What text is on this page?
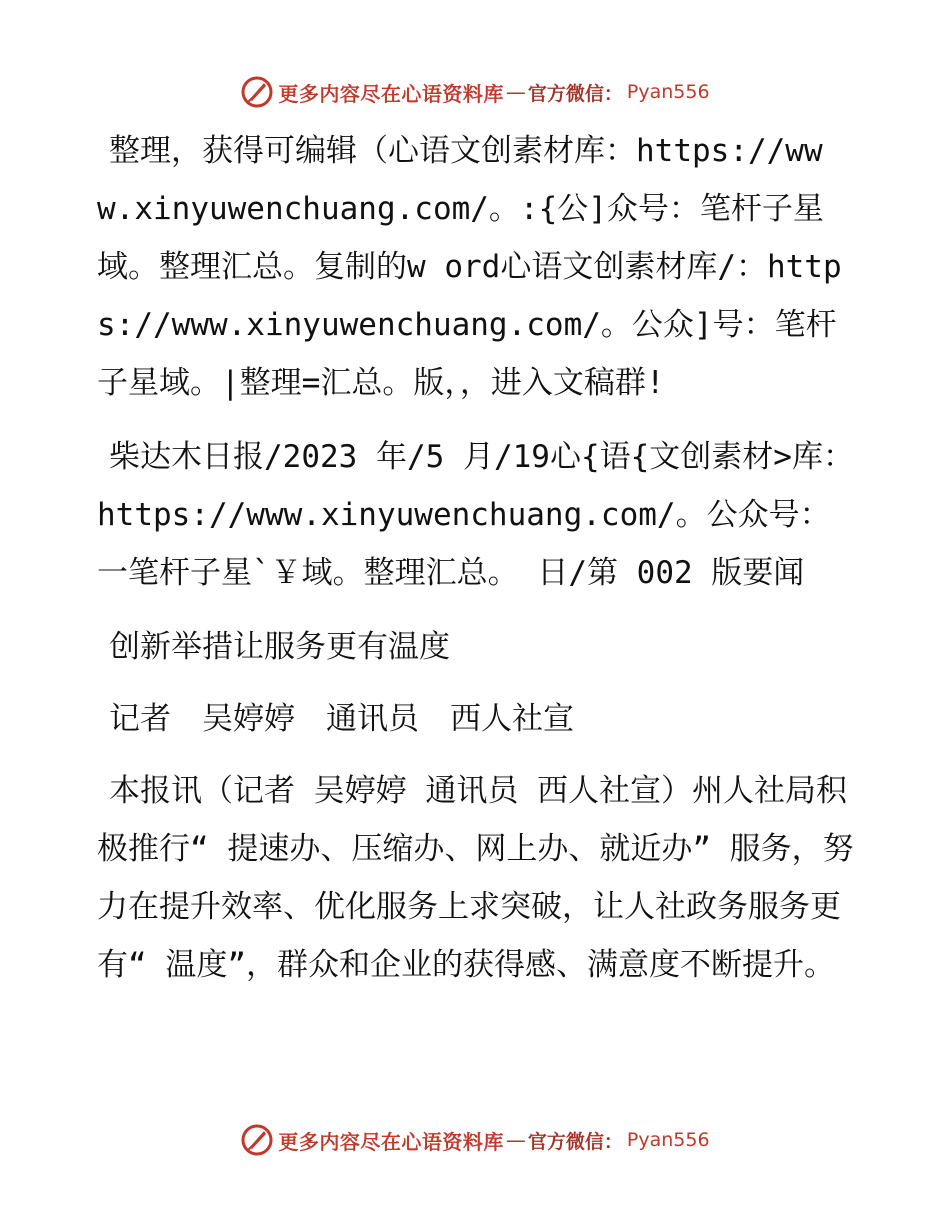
更多内容尽在心语资料库 — 官方微信： Pyan556

整理，获得可编辑（心语文创素材库：https://www.xinyuwenchuang.com/。:{公]众号：笔杆子星域。整理汇总。复制的w ord心语文创素材库/：https://www.xinyuwenchuang.com/。公众]号：笔杆子星域。|整理=汇总。版，，进入文稿群!

柴达木日报/2023 年/5 月/19心{语{文创素材>库：https://www.xinyuwenchuang.com/。公众号：一笔杆子星`￥域。整理汇总。 日/第 002 版要闻

创新举措让服务更有温度

记者　吴婷婷　通讯员　西人社宣

本报讯（记者 吴婷婷 通讯员 西人社宣）州人社局积极推行“ 提速办、压缩办、网上办、就近办” 服务，努力在提升效率、优化服务上求突破，让人社政务服务更有“ 温度”，群众和企业的获得感、满意度不断提升。

更多内容尽在心语资料库 — 官方微信： Pyan556
